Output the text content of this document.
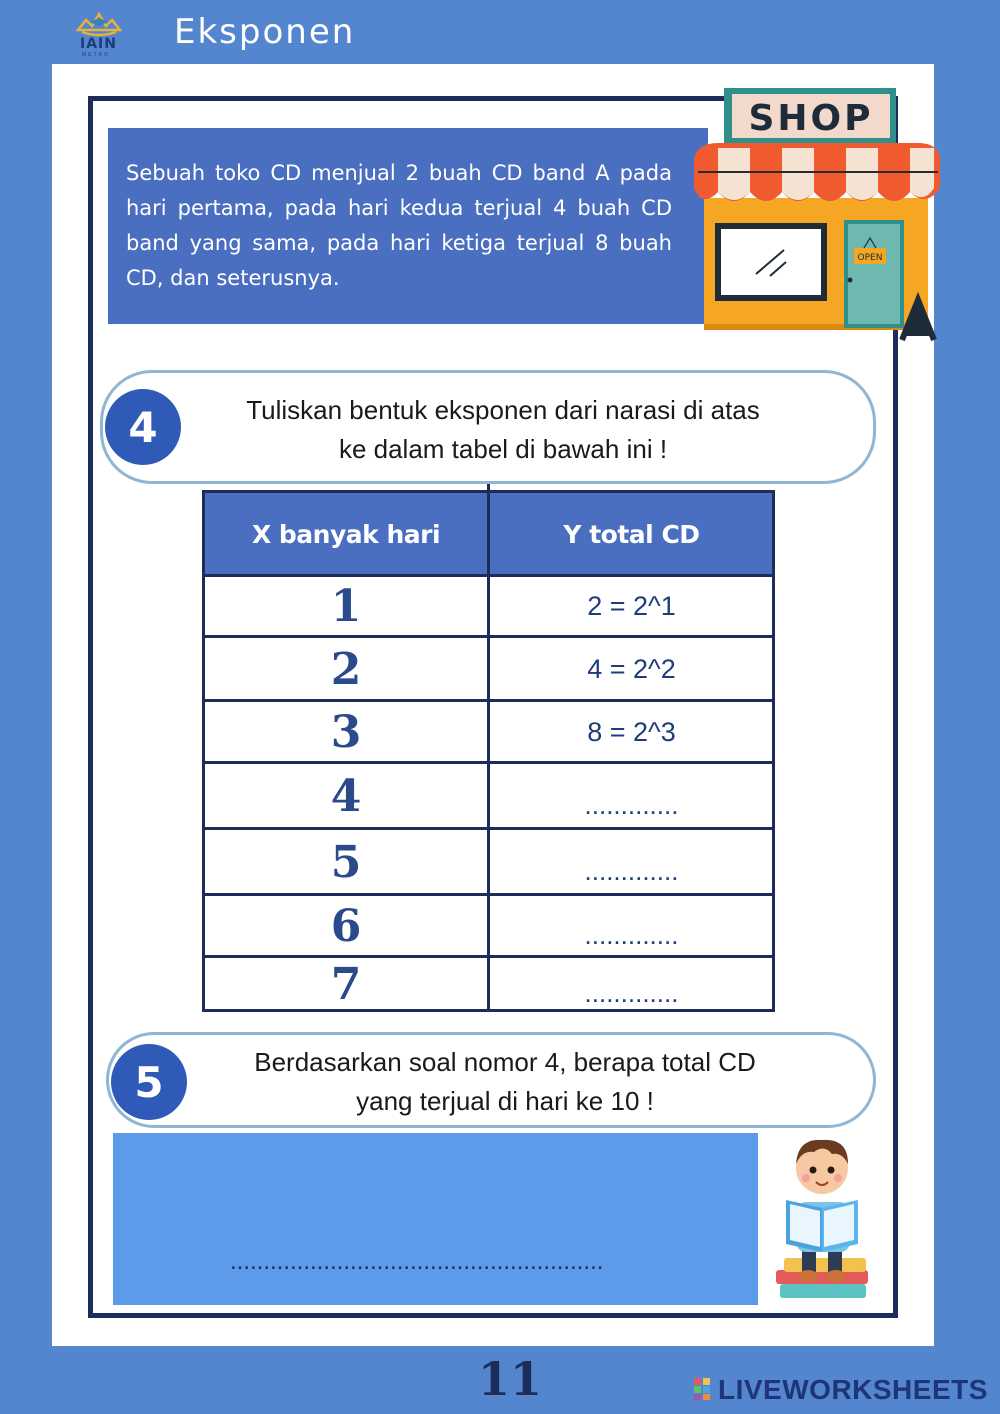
IAIN
METRO
Eksponen
Sebuah toko CD menjual 2 buah CD band A pada hari pertama, pada hari kedua terjual 4 buah CD band yang sama, pada hari ketiga terjual 8 buah CD, dan seterusnya.
SHOP
OPEN
4	Tuliskan bentuk eksponen dari narasi di atas
ke dalam tabel di bawah ini !
X banyak hari	Y total CD
1	2 = 2^1
2	4 = 2^2
3	8 = 2^3
4	.............
5	.............
6	.............
7	.............
5	Berdasarkan soal nomor 4, berapa total CD
yang terjual di hari ke 10 !
........................................................
11	LIVEWORKSHEETS
